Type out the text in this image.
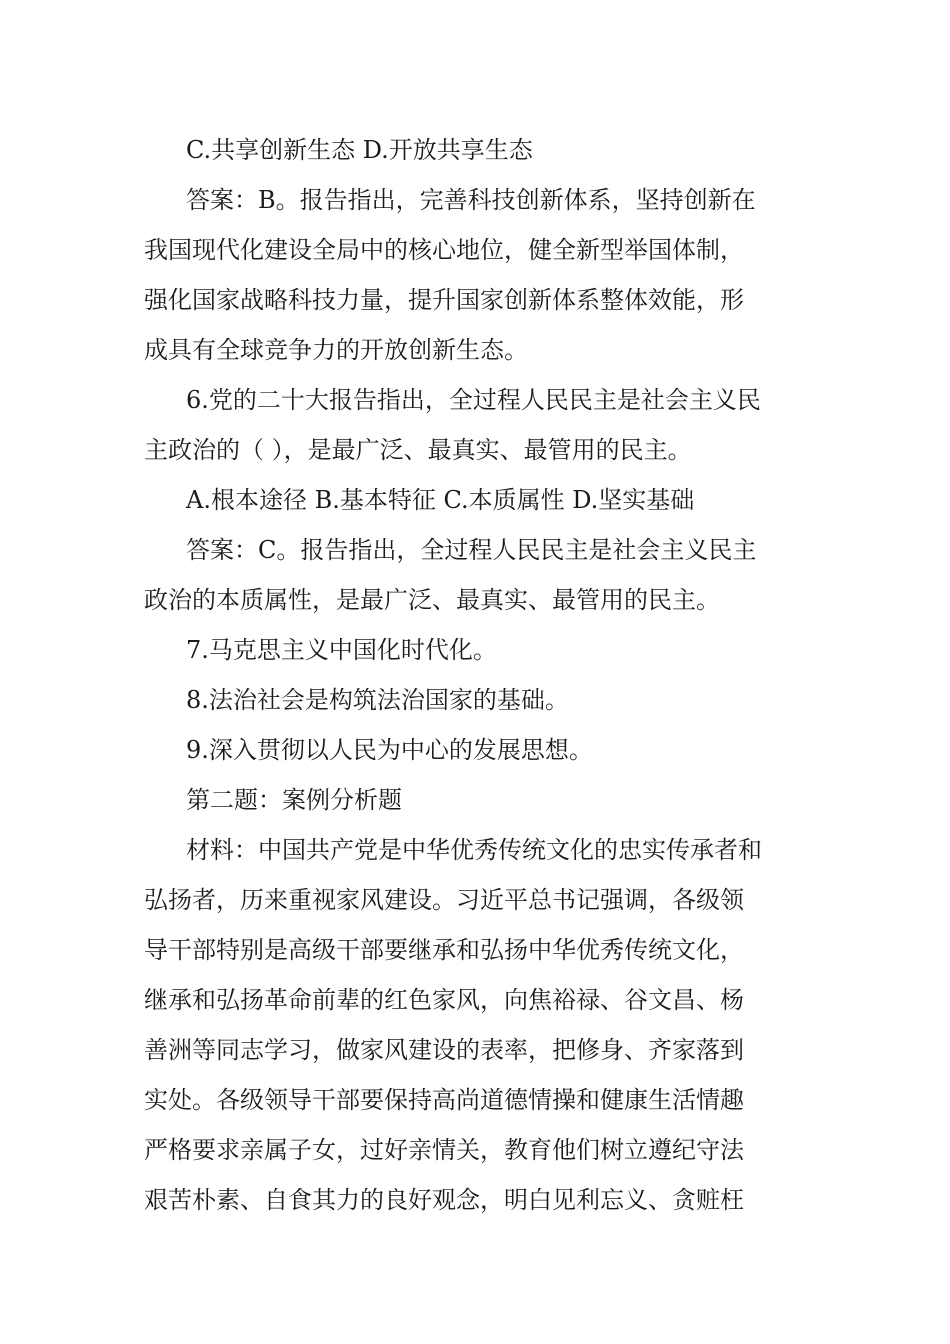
C.共享创新生态 D.开放共享生态
答案：B。报告指出，完善科技创新体系，坚持创新在
我国现代化建设全局中的核心地位，健全新型举国体制，
强化国家战略科技力量，提升国家创新体系整体效能，形
成具有全球竞争力的开放创新生态。
6.党的二十大报告指出，全过程人民民主是社会主义民
主政治的（ ），是最广泛、最真实、最管用的民主。
A.根本途径 B.基本特征 C.本质属性 D.坚实基础
答案：C。报告指出，全过程人民民主是社会主义民主
政治的本质属性，是最广泛、最真实、最管用的民主。
7.马克思主义中国化时代化。
8.法治社会是构筑法治国家的基础。
9.深入贯彻以人民为中心的发展思想。
第二题：案例分析题
材料：中国共产党是中华优秀传统文化的忠实传承者和
弘扬者，历来重视家风建设。习近平总书记强调，各级领
导干部特别是高级干部要继承和弘扬中华优秀传统文化，
继承和弘扬革命前辈的红色家风，向焦裕禄、谷文昌、杨
善洲等同志学习，做家风建设的表率，把修身、齐家落到
实处。各级领导干部要保持高尚道德情操和健康生活情趣
严格要求亲属子女，过好亲情关，教育他们树立遵纪守法
艰苦朴素、自食其力的良好观念，明白见利忘义、贪赃枉
